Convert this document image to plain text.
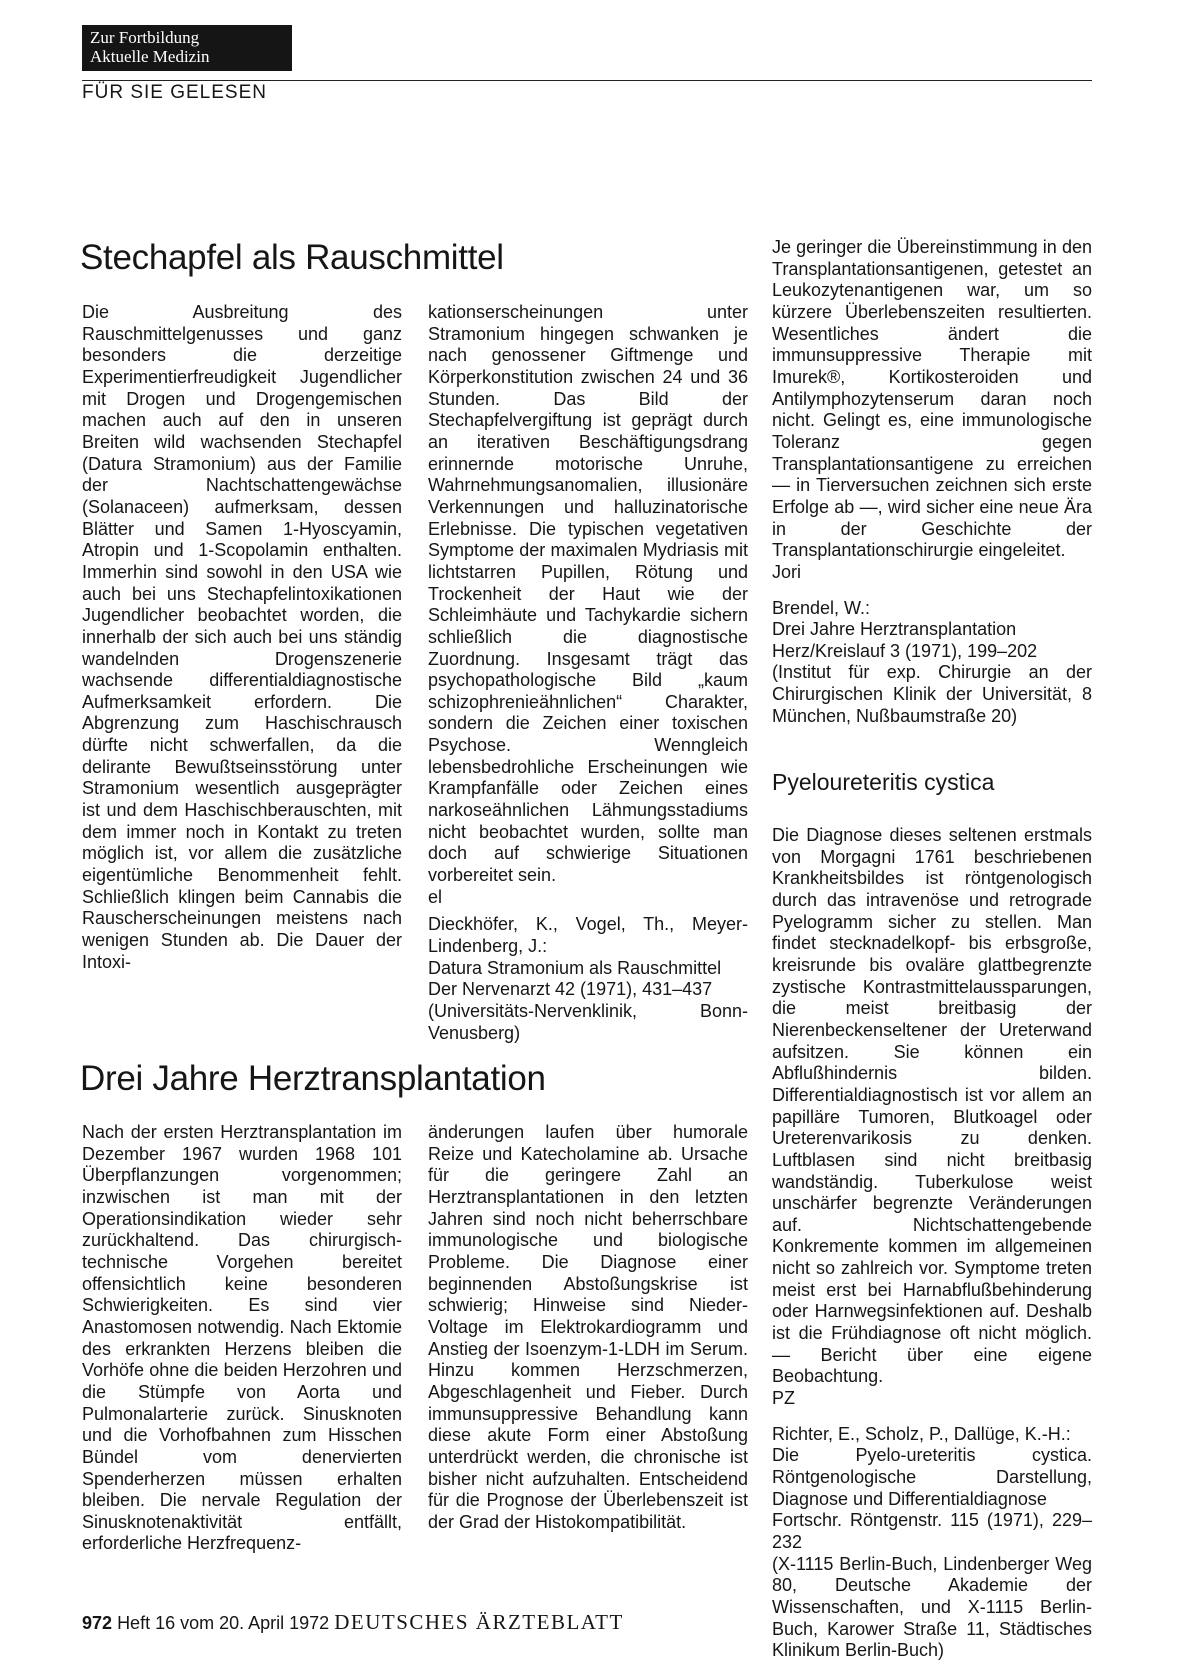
Zur Fortbildung
Aktuelle Medizin
FÜR SIE GELESEN
Stechapfel als Rauschmittel

Die Ausbreitung des Rauschmittelgenusses und ganz besonders die derzeitige Experimentierfreudigkeit Jugendlicher mit Drogen und Drogengemischen machen auch auf den in unseren Breiten wild wachsenden Stechapfel (Datura Stramonium) aus der Familie der Nachtschattengewächse (Solanaceen) aufmerksam, dessen Blätter und Samen 1-Hyoscyamin, Atropin und 1-Scopolamin enthalten. Immerhin sind sowohl in den USA wie auch bei uns Stechapfelintoxikationen Jugendlicher beobachtet worden, die innerhalb der sich auch bei uns ständig wandelnden Drogenszenerie wachsende differentialdiagnostische Aufmerksamkeit erfordern. Die Abgrenzung zum Haschischrausch dürfte nicht schwerfallen, da die delirante Bewußtseinsstörung unter Stramonium wesentlich ausgeprägter ist und dem Haschischberauschten, mit dem immer noch in Kontakt zu treten möglich ist, vor allem die zusätzliche eigentümliche Benommenheit fehlt. Schließlich klingen beim Cannabis die Rauscherscheinungen meistens nach wenigen Stunden ab. Die Dauer der Intoxi-

kationserscheinungen unter Stramonium hingegen schwanken je nach genossener Giftmenge und Körperkonstitution zwischen 24 und 36 Stunden. Das Bild der Stechapfelvergiftung ist geprägt durch an iterativen Beschäftigungsdrang erinnernde motorische Unruhe, Wahrnehmungsanomalien, illusionäre Verkennungen und halluzinatorische Erlebnisse. Die typischen vegetativen Symptome der maximalen Mydriasis mit lichtstarren Pupillen, Rötung und Trockenheit der Haut wie der Schleimhäute und Tachykardie sichern schließlich die diagnostische Zuordnung. Insgesamt trägt das psychopathologische Bild „kaum schizophrenieähnlichen“ Charakter, sondern die Zeichen einer toxischen Psychose. Wenngleich lebensbedrohliche Erscheinungen wie Krampfanfälle oder Zeichen eines narkoseähnlichen Lähmungsstadiums nicht beobachtet wurden, sollte man doch auf schwierige Situationen vorbereitet sein.

el

Dieckhöfer, K., Vogel, Th., Meyer-Lindenberg, J.:

Datura Stramonium als Rauschmittel

Der Nervenarzt 42 (1971), 431–437

(Universitäts-Nervenklinik, Bonn-Venusberg)

Drei Jahre Herztransplantation

Nach der ersten Herztransplantation im Dezember 1967 wurden 1968 101 Überpflanzungen vorgenommen; inzwischen ist man mit der Operationsindikation wieder sehr zurückhaltend. Das chirurgisch-technische Vorgehen bereitet offensichtlich keine besonderen Schwierigkeiten. Es sind vier Anastomosen notwendig. Nach Ektomie des erkrankten Herzens bleiben die Vorhöfe ohne die beiden Herzohren und die Stümpfe von Aorta und Pulmonalarterie zurück. Sinusknoten und die Vorhofbahnen zum Hisschen Bündel vom denervierten Spenderherzen müssen erhalten bleiben. Die nervale Regulation der Sinusknotenaktivität entfällt, erforderliche Herzfrequenz-

änderungen laufen über humorale Reize und Katecholamine ab. Ursache für die geringere Zahl an Herztransplantationen in den letzten Jahren sind noch nicht beherrschbare immunologische und biologische Probleme. Die Diagnose einer beginnenden Abstoßungskrise ist schwierig; Hinweise sind Nieder-Voltage im Elektrokardiogramm und Anstieg der Isoenzym-1-LDH im Serum. Hinzu kommen Herzschmerzen, Abgeschlagenheit und Fieber. Durch immunsuppressive Behandlung kann diese akute Form einer Abstoßung unterdrückt werden, die chronische ist bisher nicht aufzuhalten. Entscheidend für die Prognose der Überlebenszeit ist der Grad der Histokompatibilität.

Je geringer die Übereinstimmung in den Transplantationsantigenen, getestet an Leukozytenantigenen war, um so kürzere Überlebenszeiten resultierten. Wesentliches ändert die immunsuppressive Therapie mit Imurek®, Kortikosteroiden und Antilymphozytenserum daran noch nicht. Gelingt es, eine immunologische Toleranz gegen Transplantationsantigene zu erreichen — in Tierversuchen zeichnen sich erste Erfolge ab —, wird sicher eine neue Ära in der Geschichte der Transplantationschirurgie eingeleitet.

Jori

Brendel, W.:

Drei Jahre Herztransplantation

Herz/Kreislauf 3 (1971), 199–202

(Institut für exp. Chirurgie an der Chirurgischen Klinik der Universität, 8 München, Nußbaumstraße 20)

Pyeloureteritis cystica

Die Diagnose dieses seltenen erstmals von Morgagni 1761 beschriebenen Krankheitsbildes ist röntgenologisch durch das intravenöse und retrograde Pyelogramm sicher zu stellen. Man findet stecknadelkopf- bis erbsgroße, kreisrunde bis ovaläre glattbegrenzte zystische Kontrastmittelaussparungen, die meist breitbasig der Nierenbeckenseltener der Ureterwand aufsitzen. Sie können ein Abflußhindernis bilden. Differentialdiagnostisch ist vor allem an papilläre Tumoren, Blutkoagel oder Ureterenvarikosis zu denken. Luftblasen sind nicht breitbasig wandständig. Tuberkulose weist unschärfer begrenzte Veränderungen auf. Nichtschattengebende Konkremente kommen im allgemeinen nicht so zahlreich vor. Symptome treten meist erst bei Harnabflußbehinderung oder Harnwegsinfektionen auf. Deshalb ist die Frühdiagnose oft nicht möglich. — Bericht über eine eigene Beobachtung.

PZ

Richter, E., Scholz, P., Dallüge, K.-H.:

Die Pyelo-ureteritis cystica. Röntgenologische Darstellung, Diagnose und Differentialdiagnose

Fortschr. Röntgenstr. 115 (1971), 229–232

(X-1115 Berlin-Buch, Lindenberger Weg 80, Deutsche Akademie der Wissenschaften, und X-1115 Berlin-Buch, Karower Straße 11, Städtisches Klinikum Berlin-Buch)

972 Heft 16 vom 20. April 1972 DEUTSCHES ÄRZTEBLATT
